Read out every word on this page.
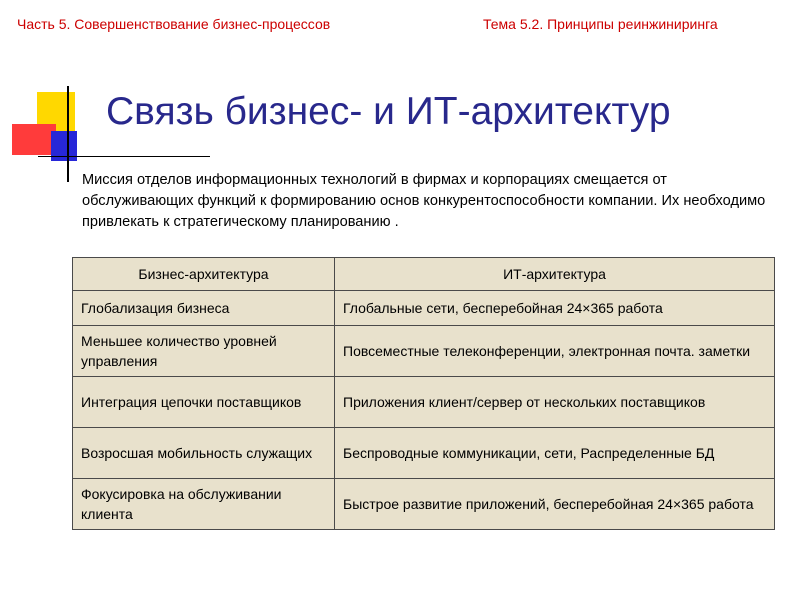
Часть 5. Совершенствование бизнес-процессов	Тема 5.2. Принципы реинжиниринга
Связь бизнес- и ИТ-архитектур
Миссия отделов информационных технологий в фирмах и корпорациях смещается от обслуживающих функций к формированию основ конкурентоспособности компании. Их необходимо привлекать к стратегическому планированию .
Бизнес-архитектура	ИТ-архитектура
Глобализация бизнеса	Глобальные сети, бесперебойная 24×365 работа
Меньшее количество уровней управления	Повсеместные телеконференции, электронная почта. заметки
Интеграция цепочки поставщиков	Приложения клиент/сервер от нескольких поставщиков
Возросшая мобильность служащих	Беспроводные коммуникации, сети, Распределенные БД
Фокусировка на обслуживании клиента	Быстрое развитие приложений, бесперебойная 24×365 работа
